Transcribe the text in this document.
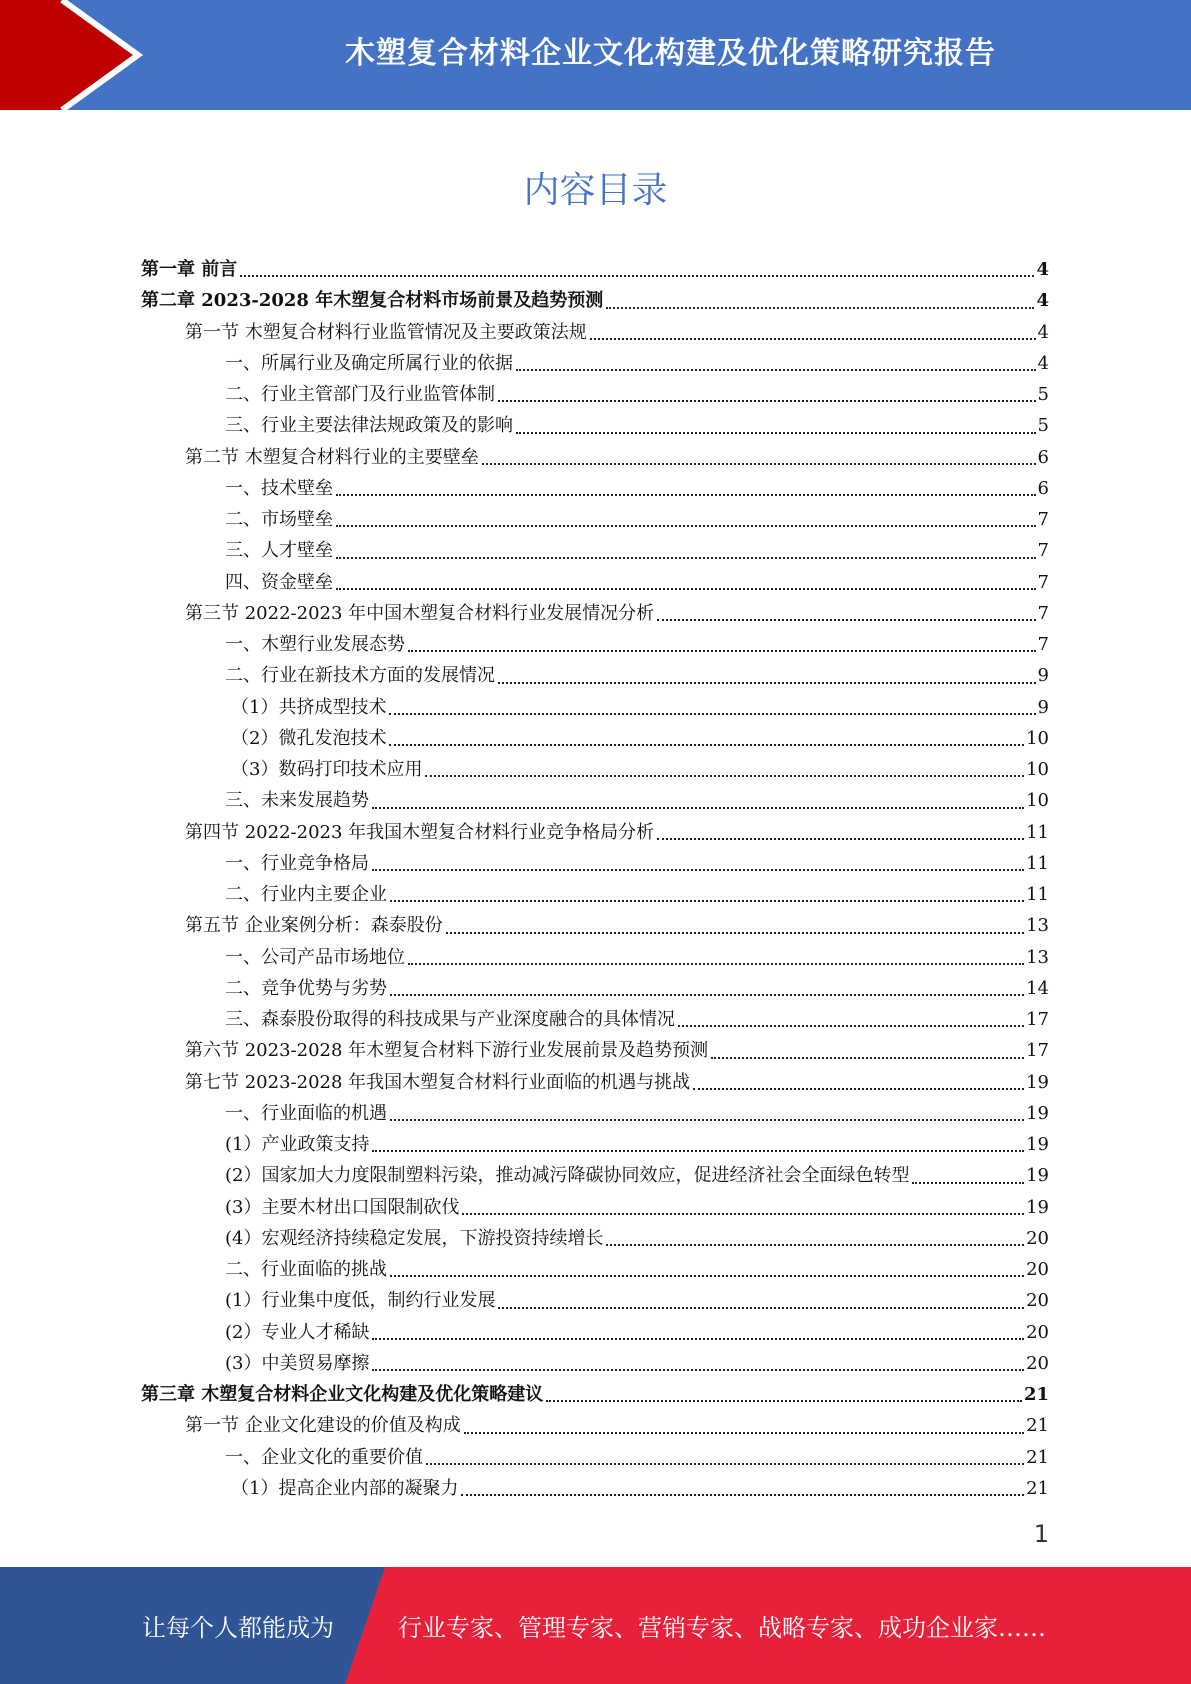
木塑复合材料企业文化构建及优化策略研究报告
内容目录
第一章 前言	4
第二章 2023-2028 年木塑复合材料市场前景及趋势预测	4
第一节 木塑复合材料行业监管情况及主要政策法规	4
一、所属行业及确定所属行业的依据	4
二、行业主管部门及行业监管体制	5
三、行业主要法律法规政策及的影响	5
第二节 木塑复合材料行业的主要壁垒	6
一、技术壁垒	6
二、市场壁垒	7
三、人才壁垒	7
四、资金壁垒	7
第三节 2022-2023 年中国木塑复合材料行业发展情况分析	7
一、木塑行业发展态势	7
二、行业在新技术方面的发展情况	9
（1）共挤成型技术	9
（2）微孔发泡技术	10
（3）数码打印技术应用	10
三、未来发展趋势	10
第四节 2022-2023 年我国木塑复合材料行业竞争格局分析	11
一、行业竞争格局	11
二、行业内主要企业	11
第五节 企业案例分析：森泰股份	13
一、公司产品市场地位	13
二、竞争优势与劣势	14
三、森泰股份取得的科技成果与产业深度融合的具体情况	17
第六节 2023-2028 年木塑复合材料下游行业发展前景及趋势预测	17
第七节 2023-2028 年我国木塑复合材料行业面临的机遇与挑战	19
一、行业面临的机遇	19
(1）产业政策支持	19
(2）国家加大力度限制塑料污染，推动减污降碳协同效应，促进经济社会全面绿色转型	19
(3）主要木材出口国限制砍伐	19
(4）宏观经济持续稳定发展，下游投资持续增长	20
二、行业面临的挑战	20
(1）行业集中度低，制约行业发展	20
(2）专业人才稀缺	20
(3）中美贸易摩擦	20
第三章 木塑复合材料企业文化构建及优化策略建议	21
第一节 企业文化建设的价值及构成	21
一、企业文化的重要价值	21
（1）提高企业内部的凝聚力	21
1
让每个人都能成为	行业专家、管理专家、营销专家、战略专家、成功企业家……
